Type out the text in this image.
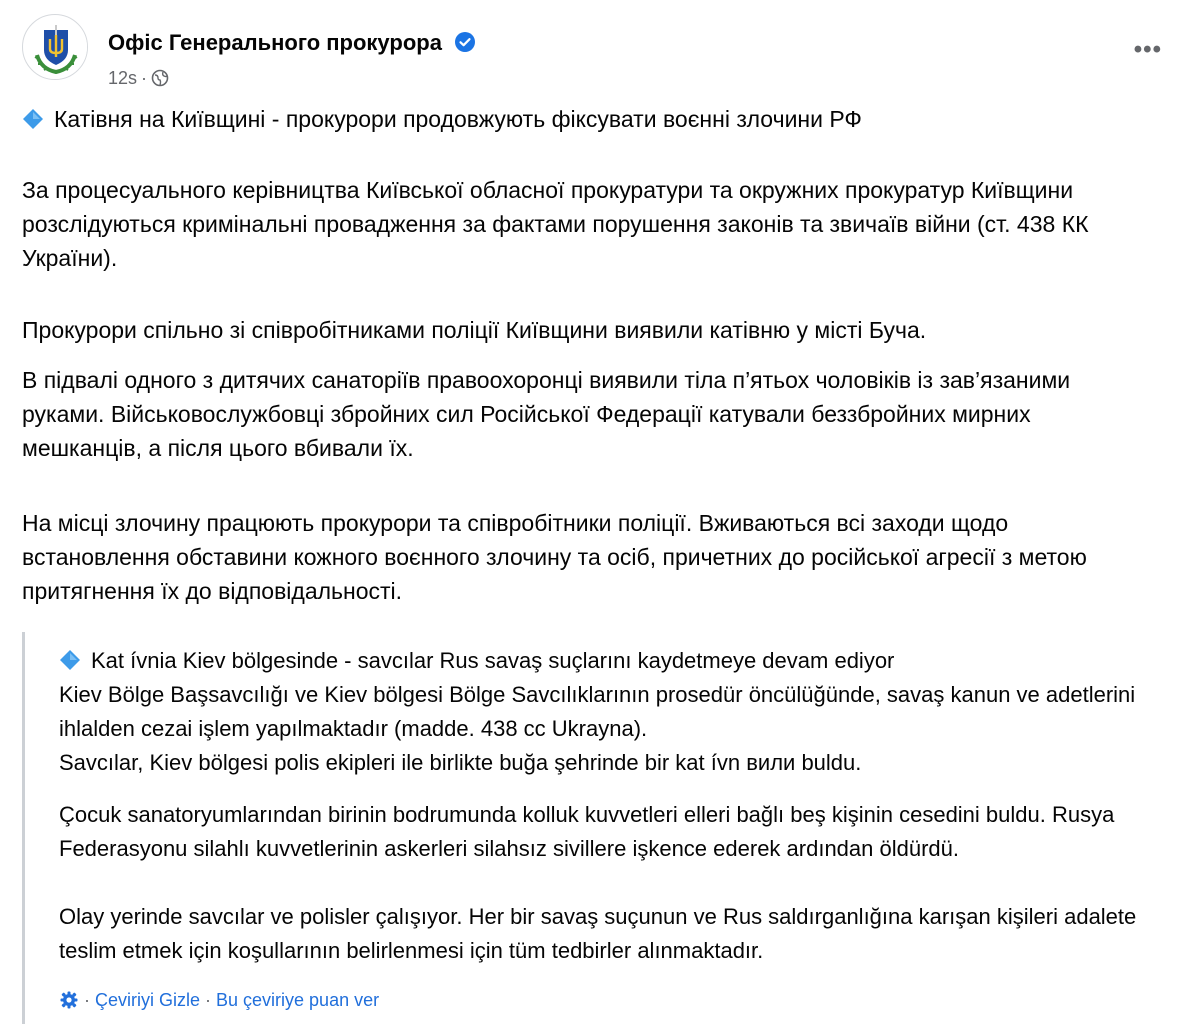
Офіс Генерального прокурора
12s ·
•••

Катівня на Київщині - прокурори продовжують фіксувати воєнні злочини РФ

За процесуального керівництва Київської обласної прокуратури та окружних прокуратур Київщини розслідуються кримінальні провадження за фактами порушення законів та звичаїв війни (ст. 438 КК України).

Прокурори спільно зі співробітниками поліції Київщини виявили катівню у місті Буча.

В підвалі одного з дитячих санаторіїв правоохоронці виявили тіла п’ятьох чоловіків із зав’язаними руками. Військовослужбовці збройних сил Російської Федерації катували беззбройних мирних мешканців, а після цього вбивали їх.

На місці злочину працюють прокурори та співробітники поліції. Вживаються всі заходи щодо встановлення обставини кожного воєнного злочину та осіб, причетних до російської агресії з метою притягнення їх до відповідальності.

Kat ívnia Kiev bölgesinde - savcılar Rus savaş suçlarını kaydetmeye devam ediyor

Kiev Bölge Başsavcılığı ve Kiev bölgesi Bölge Savcılıklarının prosedür öncülüğünde, savaş kanun ve adetlerini ihlalden cezai işlem yapılmaktadır (madde. 438 cc Ukrayna).

Savcılar, Kiev bölgesi polis ekipleri ile birlikte buğa şehrinde bir kat ívn вили buldu.

Çocuk sanatoryumlarından birinin bodrumunda kolluk kuvvetleri elleri bağlı beş kişinin cesedini buldu. Rusya Federasyonu silahlı kuvvetlerinin askerleri silahsız sivillere işkence ederek ardından öldürdü.

Olay yerinde savcılar ve polisler çalışıyor. Her bir savaş suçunun ve Rus saldırganlığına karışan kişileri adalete teslim etmek için koşullarının belirlenmesi için tüm tedbirler alınmaktadır.

· Çeviriyi Gizle · Bu çeviriye puan ver
